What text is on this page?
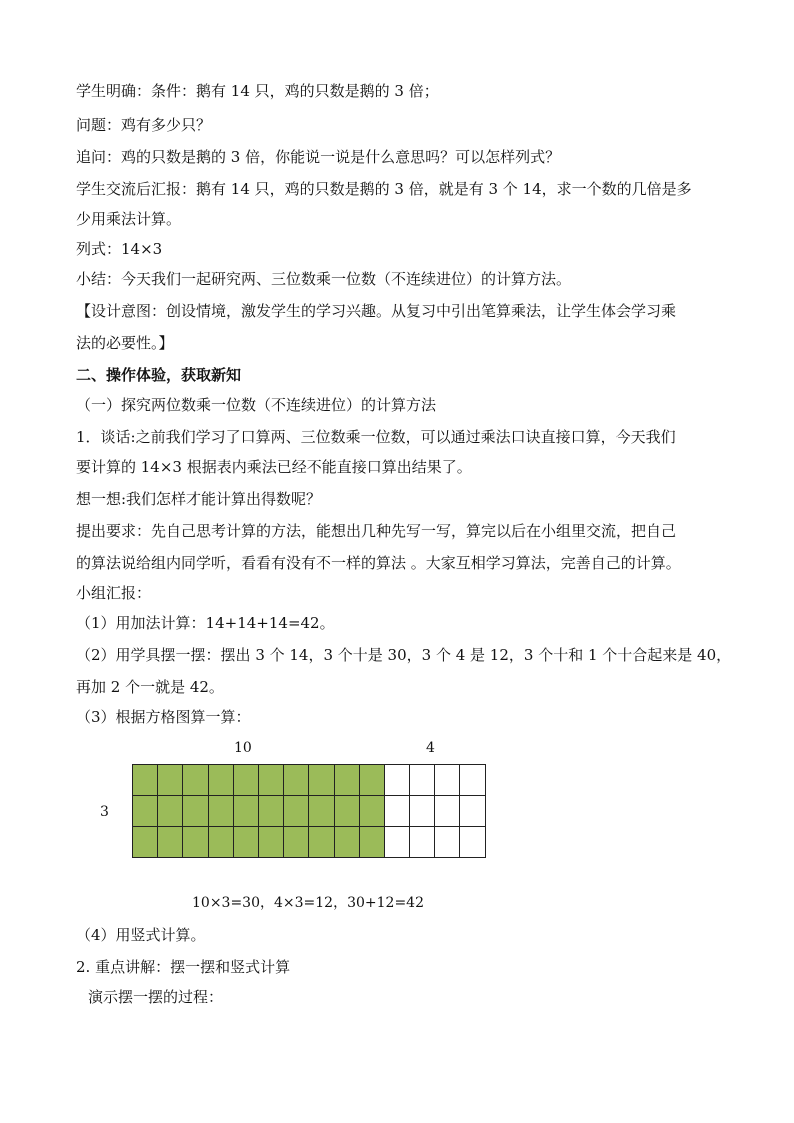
学生明确：条件：鹅有 14 只，鸡的只数是鹅的 3 倍；
问题：鸡有多少只？
追问：鸡的只数是鹅的 3 倍，你能说一说是什么意思吗？可以怎样列式？
学生交流后汇报：鹅有 14 只，鸡的只数是鹅的 3 倍，就是有 3 个 14，求一个数的几倍是多
少用乘法计算。
列式：14×3
小结：今天我们一起研究两、三位数乘一位数（不连续进位）的计算方法。
【设计意图：创设情境，激发学生的学习兴趣。从复习中引出笔算乘法，让学生体会学习乘
法的必要性。】
二、操作体验，获取新知
（一）探究两位数乘一位数（不连续进位）的计算方法
1．谈话:之前我们学习了口算两、三位数乘一位数，可以通过乘法口诀直接口算，今天我们
要计算的 14×3 根据表内乘法已经不能直接口算出结果了。
想一想:我们怎样才能计算出得数呢？
提出要求：先自己思考计算的方法，能想出几种先写一写，算完以后在小组里交流，把自己
的算法说给组内同学听，看看有没有不一样的算法 。大家互相学习算法，完善自己的计算。
小组汇报：
（1）用加法计算：14+14+14=42。
（2）用学具摆一摆：摆出 3 个 14，3 个十是 30，3 个 4 是 12，3 个十和 1 个十合起来是 40，
再加 2 个一就是 42。
（3）根据方格图算一算：
10	4
3
10×3=30，4×3=12，30+12=42
（4）用竖式计算。
2. 重点讲解：摆一摆和竖式计算
演示摆一摆的过程：
